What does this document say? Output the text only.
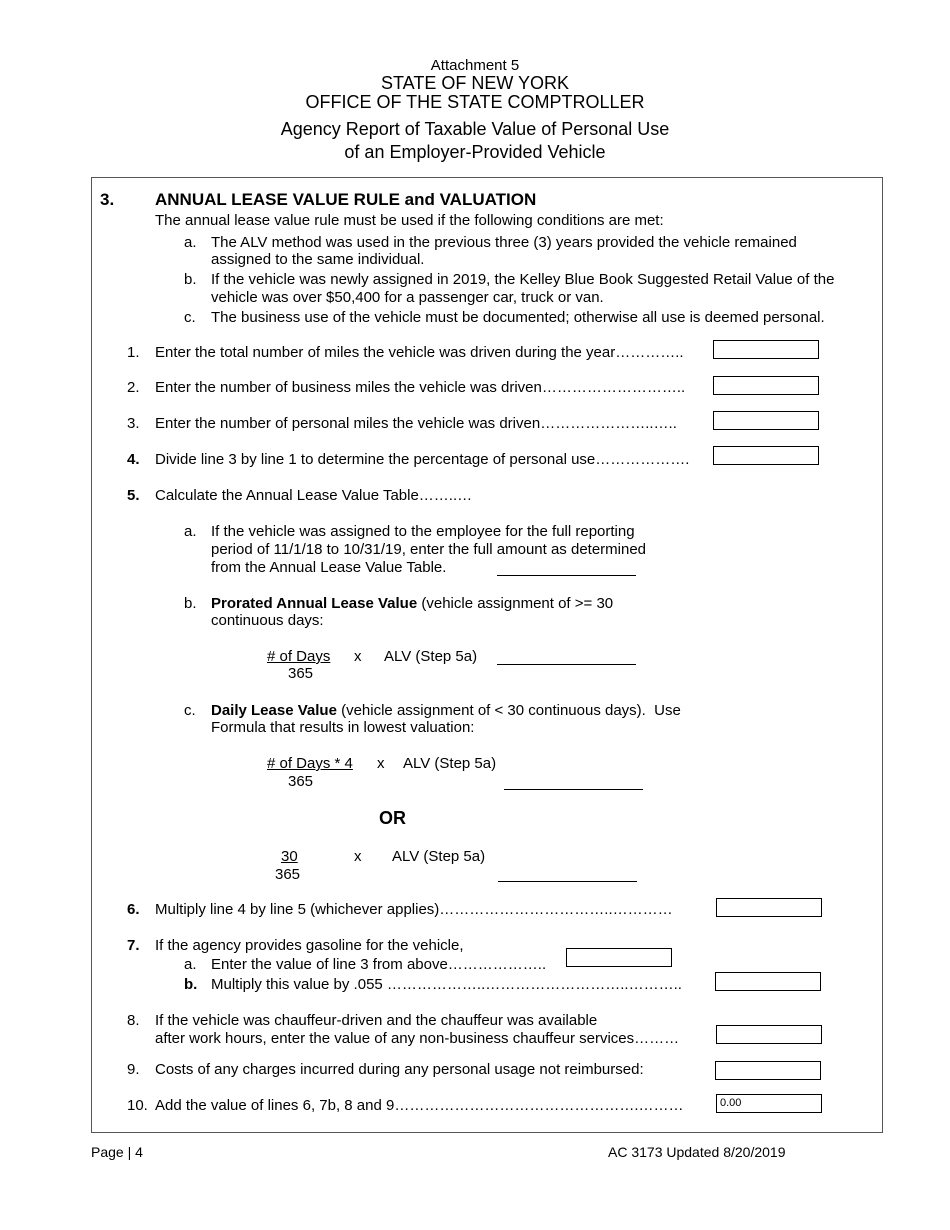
Attachment 5
STATE OF NEW YORK
OFFICE OF THE STATE COMPTROLLER
Agency Report of Taxable Value of Personal Use
of an Employer-Provided Vehicle
3. ANNUAL LEASE VALUE RULE and VALUATION
The annual lease value rule must be used if the following conditions are met:
a. The ALV method was used in the previous three (3) years provided the vehicle remained
assigned to the same individual.
b. If the vehicle was newly assigned in 2019, the Kelley Blue Book Suggested Retail Value of the
vehicle was over $50,400 for a passenger car, truck or van.
c. The business use of the vehicle must be documented; otherwise all use is deemed personal.
1. Enter the total number of miles the vehicle was driven during the year…………..
2. Enter the number of business miles the vehicle was driven………………………..
3. Enter the number of personal miles the vehicle was driven…………………..…..
4. Divide line 3 by line 1 to determine the percentage of personal use……………….
5. Calculate the Annual Lease Value Table……..…
a. If the vehicle was assigned to the employee for the full reporting
period of 11/1/18 to 10/31/19, enter the full amount as determined
from the Annual Lease Value Table.
b. Prorated Annual Lease Value (vehicle assignment of >= 30
continuous days:
# of Days
365
x ALV (Step 5a)
c. Daily Lease Value (vehicle assignment of < 30 continuous days).  Use
Formula that results in lowest valuation:
# of Days * 4
365
x ALV (Step 5a)
OR
30
365
x ALV (Step 5a)
6. Multiply line 4 by line 5 (whichever applies)……………………………..…………
7. If the agency provides gasoline for the vehicle,
a. Enter the value of line 3 from above………………..
b. Multiply this value by .055 ………………..………………………..………..
8. If the vehicle was chauffeur-driven and the chauffeur was available
after work hours, enter the value of any non-business chauffeur services………
9. Costs of any charges incurred during any personal usage not reimbursed:
10. Add the value of lines 6, 7b, 8 and 9………………………………………….………	0.00
Page | 4	AC 3173 Updated 8/20/2019
